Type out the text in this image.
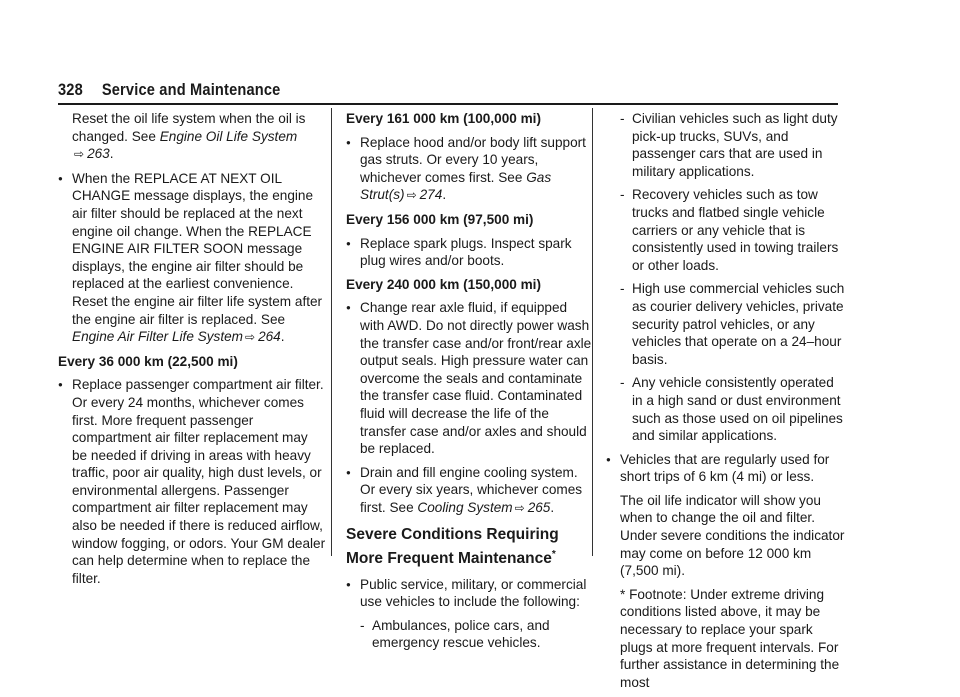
328 Service and Maintenance

Reset the oil life system when the oil is changed. See Engine Oil Life System
⇨ 263.

● When the REPLACE AT NEXT OIL CHANGE message displays, the engine air filter should be replaced at the next engine oil change. When the REPLACE ENGINE AIR FILTER SOON message displays, the engine air filter should be replaced at the earliest convenience. Reset the engine air filter life system after the engine air filter is replaced. See Engine Air Filter Life System ⇨ 264.
Every 36 000 km (22,500 mi)
● Replace passenger compartment air filter. Or every 24 months, whichever comes first. More frequent passenger compartment air filter replacement may be needed if driving in areas with heavy traffic, poor air quality, high dust levels, or environmental allergens. Passenger compartment air filter replacement may also be needed if there is reduced airflow, window fogging, or odors. Your GM dealer can help determine when to replace the filter.
Every 161 000 km (100,000 mi)
● Replace hood and/or body lift support gas struts. Or every 10 years, whichever comes first. See Gas Strut(s) ⇨ 274.
Every 156 000 km (97,500 mi)
● Replace spark plugs. Inspect spark plug wires and/or boots.
Every 240 000 km (150,000 mi)
● Change rear axle fluid, if equipped with AWD. Do not directly power wash the transfer case and/or front/rear axle output seals. High pressure water can overcome the seals and contaminate the transfer case fluid. Contaminated fluid will decrease the life of the transfer case and/or axles and should be replaced.
● Drain and fill engine cooling system. Or every six years, whichever comes first. See Cooling System ⇨ 265.
Severe Conditions Requiring More Frequent Maintenance*
● Public service, military, or commercial use vehicles to include the following:
- Ambulances, police cars, and emergency rescue vehicles.
- Civilian vehicles such as light duty pick-up trucks, SUVs, and passenger cars that are used in military applications.
- Recovery vehicles such as tow trucks and flatbed single vehicle carriers or any vehicle that is consistently used in towing trailers or other loads.
- High use commercial vehicles such as courier delivery vehicles, private security patrol vehicles, or any vehicles that operate on a 24–hour basis.
- Any vehicle consistently operated in a high sand or dust environment such as those used on oil pipelines and similar applications.
● Vehicles that are regularly used for short trips of 6 km (4 mi) or less.

The oil life indicator will show you when to change the oil and filter. Under severe conditions the indicator may come on before 12 000 km (7,500 mi).

* Footnote: Under extreme driving conditions listed above, it may be necessary to replace your spark plugs at more frequent intervals. For further assistance in determining the most
